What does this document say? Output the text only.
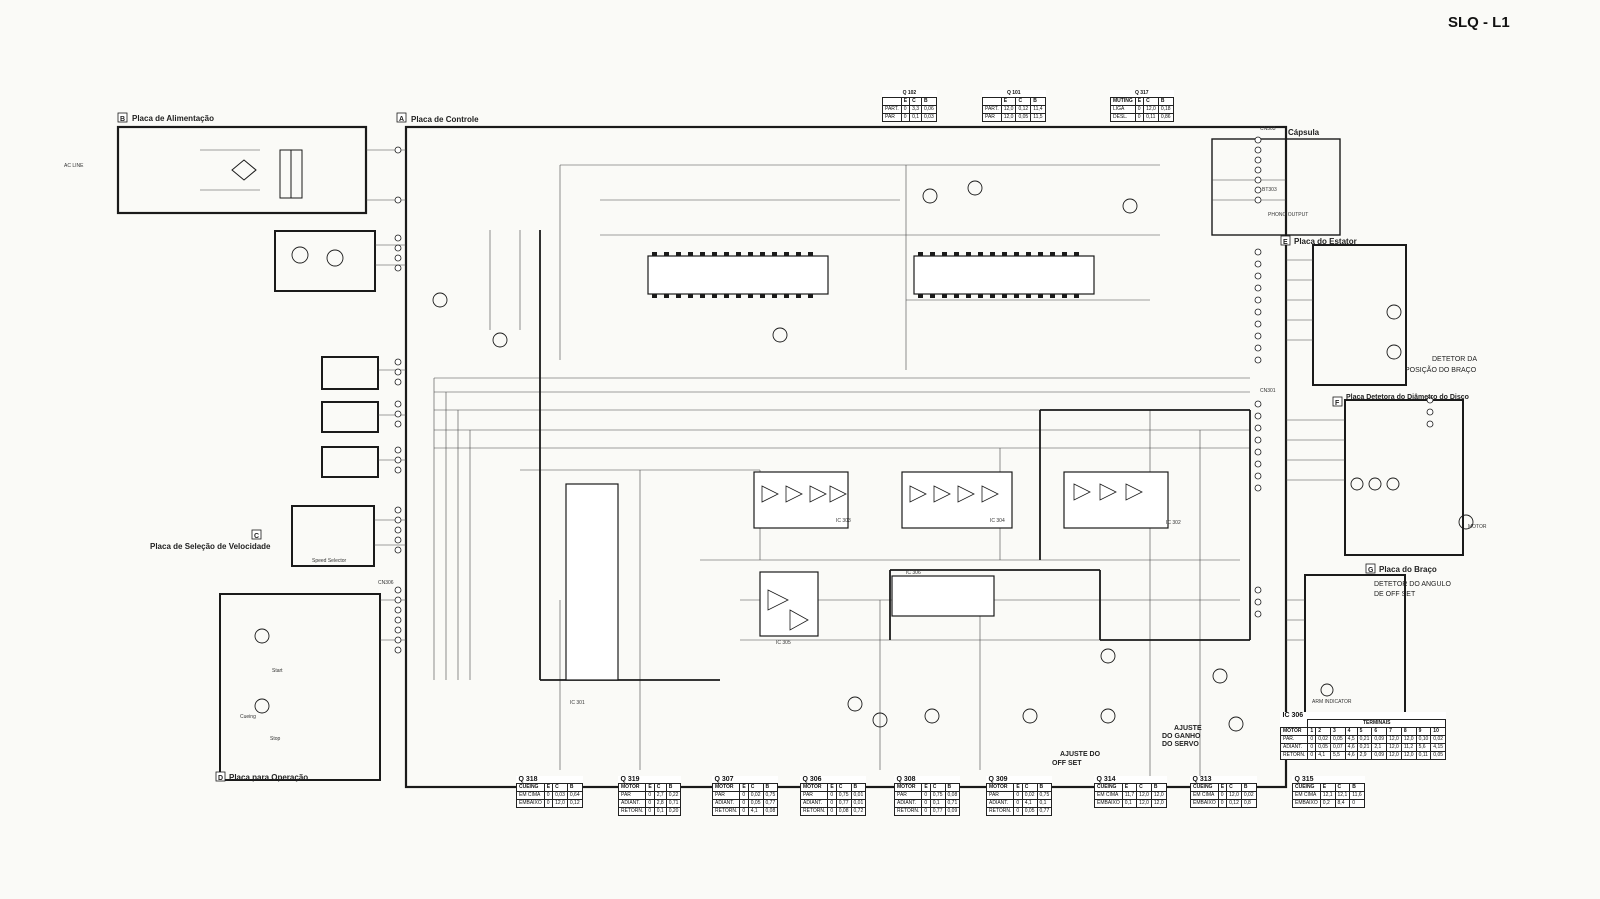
SLQ - L1
B Placa de Alimentação	A Placa de Controle
C
Placa de Seleção de Velocidade
D Placa para Operação
E Placa do Estator
F
Placa Detetora do Diâmetro do Disco
G Placa do Braço
Cápsula
DETETOR DA
POSIÇÃO DO BRAÇO
DETETOR DO ANGULO
DE OFF SET
AJUSTE DO
OFF SET
AJUSTE
DO GANHO
DO SERVO
AC LINE
PHONO OUTPUT
Speed Selector
MOTOR
ARM INDICATOR
Start
Stop
Cueing
IC 301
IC 302
IC 303	IC 304
IC 305
IC 306
CN301
CN303
CN306
BT303
Q 102			
	E	C	B
PART.	0	3,3	0,06
PAR	0	0,1	0,03
Q 101			
	E	C	B
PART.	12,0	0,12	11,4
PAR	12,0	0,05	11,5
Q 317			
MUTING	E	C	B
LIGA	0	12,0	0,18
DESL.	0	0,11	0,86
IC 306										
	TERMINAIS									
MOTOR	1	2	3	4	5	6	7	8	9	10
PAR.	0	0,02	0,05	4,5	0,21	0,09	12,0	12,0	0,10	0,02
ADIANT.	0	0,05	0,07	4,6	0,21	2,1	12,0	11,2	5,6	4,15
RETORN.	0	4,1	5,5	4,6	2,9	0,09	12,0	12,0	0,11	0,05
Q 318			
CUEING	E	C	B
EM CIMA	0	0,03	0,64
EMBAIXO	0	12,0	0,12
Q 319			
MOTOR	E	C	B
PAR	0	2,7	0,22
ADIANT.	0	2,8	0,71
RETORN.	0	0,1	0,20
Q 307			
MOTOR	E	C	B
PAR	0	0,02	0,75
ADIANT.	0	0,05	0,77
RETORN.	0	4,1	0,08
Q 306			
MOTOR	E	C	B
PAR	0	0,75	0,01
ADIANT.	0	0,77	0,01
RETORN.	0	0,08	0,72
Q 308			
MOTOR	E	C	B
PAR	0	0,75	0,08
ADIANT.	0	0,1	0,71
RETORN.	0	0,77	0,09
Q 309			
MOTOR	E	C	B
PAR	0	0,02	0,75
ADIANT.	0	4,1	0,1
RETORN.	0	0,05	0,77
Q 314			
CUEING	E	C	B
EM CIMA	11,7	12,0	12,0
EMBAIXO	0,1	12,0	12,0
Q 313			
CUEING	E	C	B
EM CIMA	0	12,0	0,02
EMBAIXO	0	0,12	0,8
Q 315			
CUEING	E	C	B
EM CIMA	12,1	12,1	11,6
EMBAIXO	0,2	8,4	0
